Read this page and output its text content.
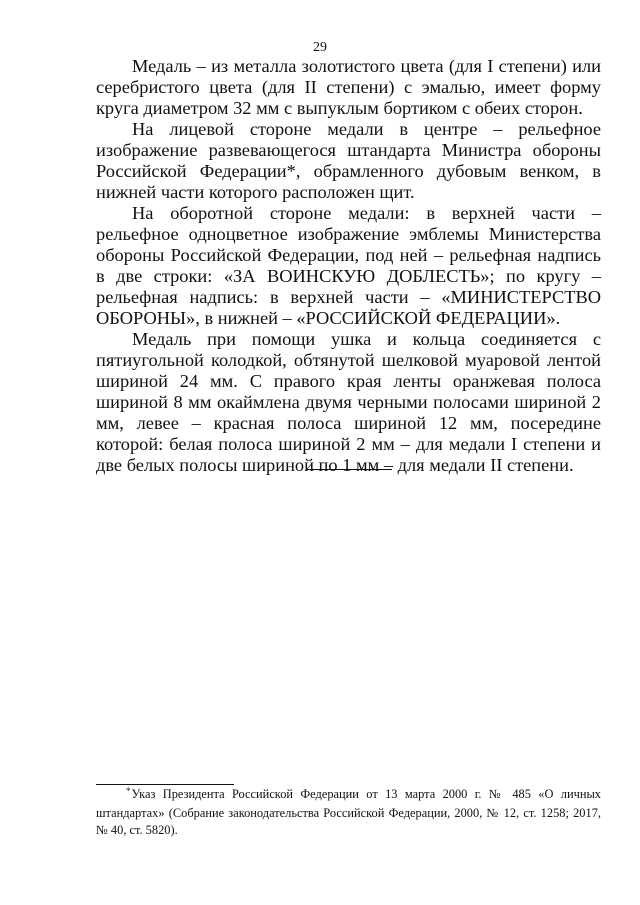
29

Медаль – из металла золотистого цвета (для I степени) или серебристого цвета (для II степени) с эмалью, имеет форму круга диаметром 32 мм с выпуклым бортиком с обеих сторон.

На лицевой стороне медали в центре – рельефное изображение развевающегося штандарта Министра обороны Российской Федерации*, обрамленного дубовым венком, в нижней части которого расположен щит.

На оборотной стороне медали: в верхней части – рельефное одноцветное изображение эмблемы Министерства обороны Российской Федерации, под ней – рельефная надпись в две строки: «ЗА ВОИНСКУЮ ДОБЛЕСТЬ»; по кругу – рельефная надпись: в верхней части – «МИНИСТЕРСТВО ОБОРОНЫ», в нижней – «РОССИЙСКОЙ ФЕДЕРАЦИИ».

Медаль при помощи ушка и кольца соединяется с пятиугольной колодкой, обтянутой шелковой муаровой лентой шириной 24 мм. С правого края ленты оранжевая полоса шириной 8 мм окаймлена двумя черными полосами шириной 2 мм, левее – красная полоса шириной 12 мм, посередине которой: белая полоса шириной 2 мм – для медали I степени и две белых полосы шириной по 1 мм – для медали II степени.

*Указ Президента Российской Федерации от 13 марта 2000 г. № 485 «О личных штандартах» (Собрание законодательства Российской Федерации, 2000, № 12, ст. 1258; 2017, № 40, ст. 5820).
